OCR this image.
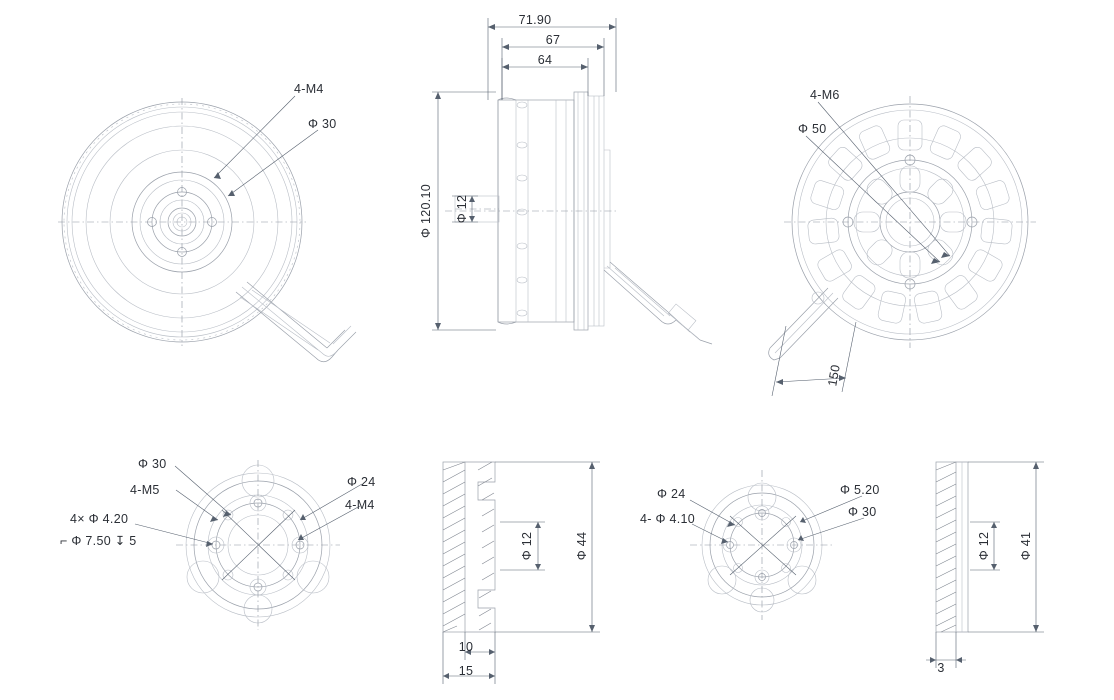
4-M4
Φ 30
71.90
67
64
Φ 120.10 Φ 12
4-M6
Φ 50
150
Φ 30
4-M5
4× Φ 4.20
⌐ Φ 7.50 ↧ 5
Φ 24
4-M4
Φ 12	Φ 44
10
15
Φ 24
4- Φ 4.10
Φ 5.20
Φ 30
Φ 12 Φ 41
3
